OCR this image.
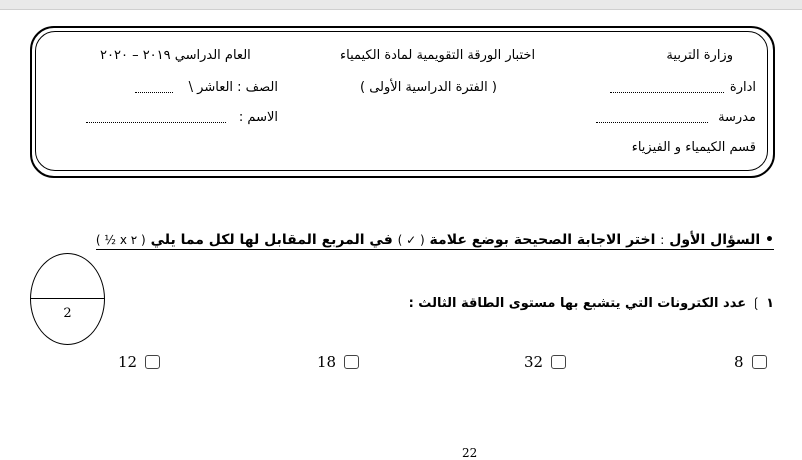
وزارة التربية
ادارة
مدرسة
قسم الكيمياء و الفيزياء
اختبار الورقة التقويمية لمادة الكيمياء
( الفترة الدراسية الأولى )
العام الدراسي ٢٠١٩ – ٢٠٢٠
الصف : العاشر \
الاسم :
• السؤال الأول : اختر الاجابة الصحيحة بوضع علامة ( ✓ ) في المربع المقابل لها لكل مما يلي ( ٢ x ½ )
2
١ ❳ عدد الكترونات التي يتشبع بها مستوى الطاقة الثالث :
8
32
18
12
22
